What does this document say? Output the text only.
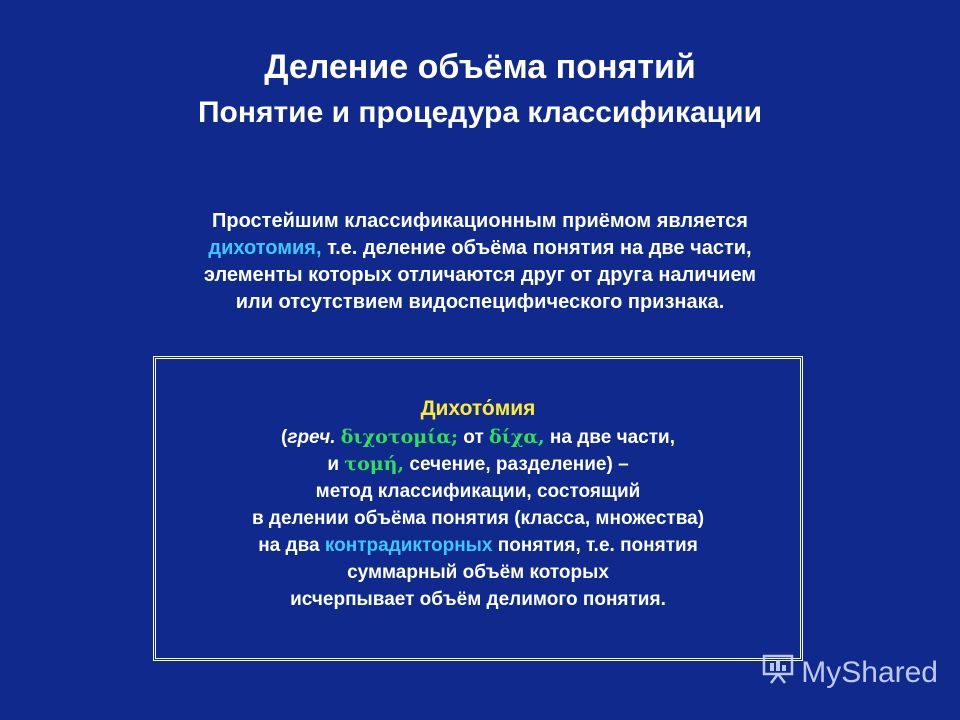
Деление объёма понятий
Понятие и процедура классификации
Простейшим классификационным приёмом является
дихотомия, т.е. деление объёма понятия на две части,
элементы которых отличаются друг от друга наличием
или отсутствием видоспецифического признака.
Дихото́мия
(греч. διχοτομία; от δίχα, на две части,
и τομή, сечение, разделение) –
метод классификации, состоящий
в делении объёма понятия (класса, множества)
на два контрадикторных понятия, т.е. понятия
суммарный объём которых
исчерпывает объём делимого понятия.
MyShared
